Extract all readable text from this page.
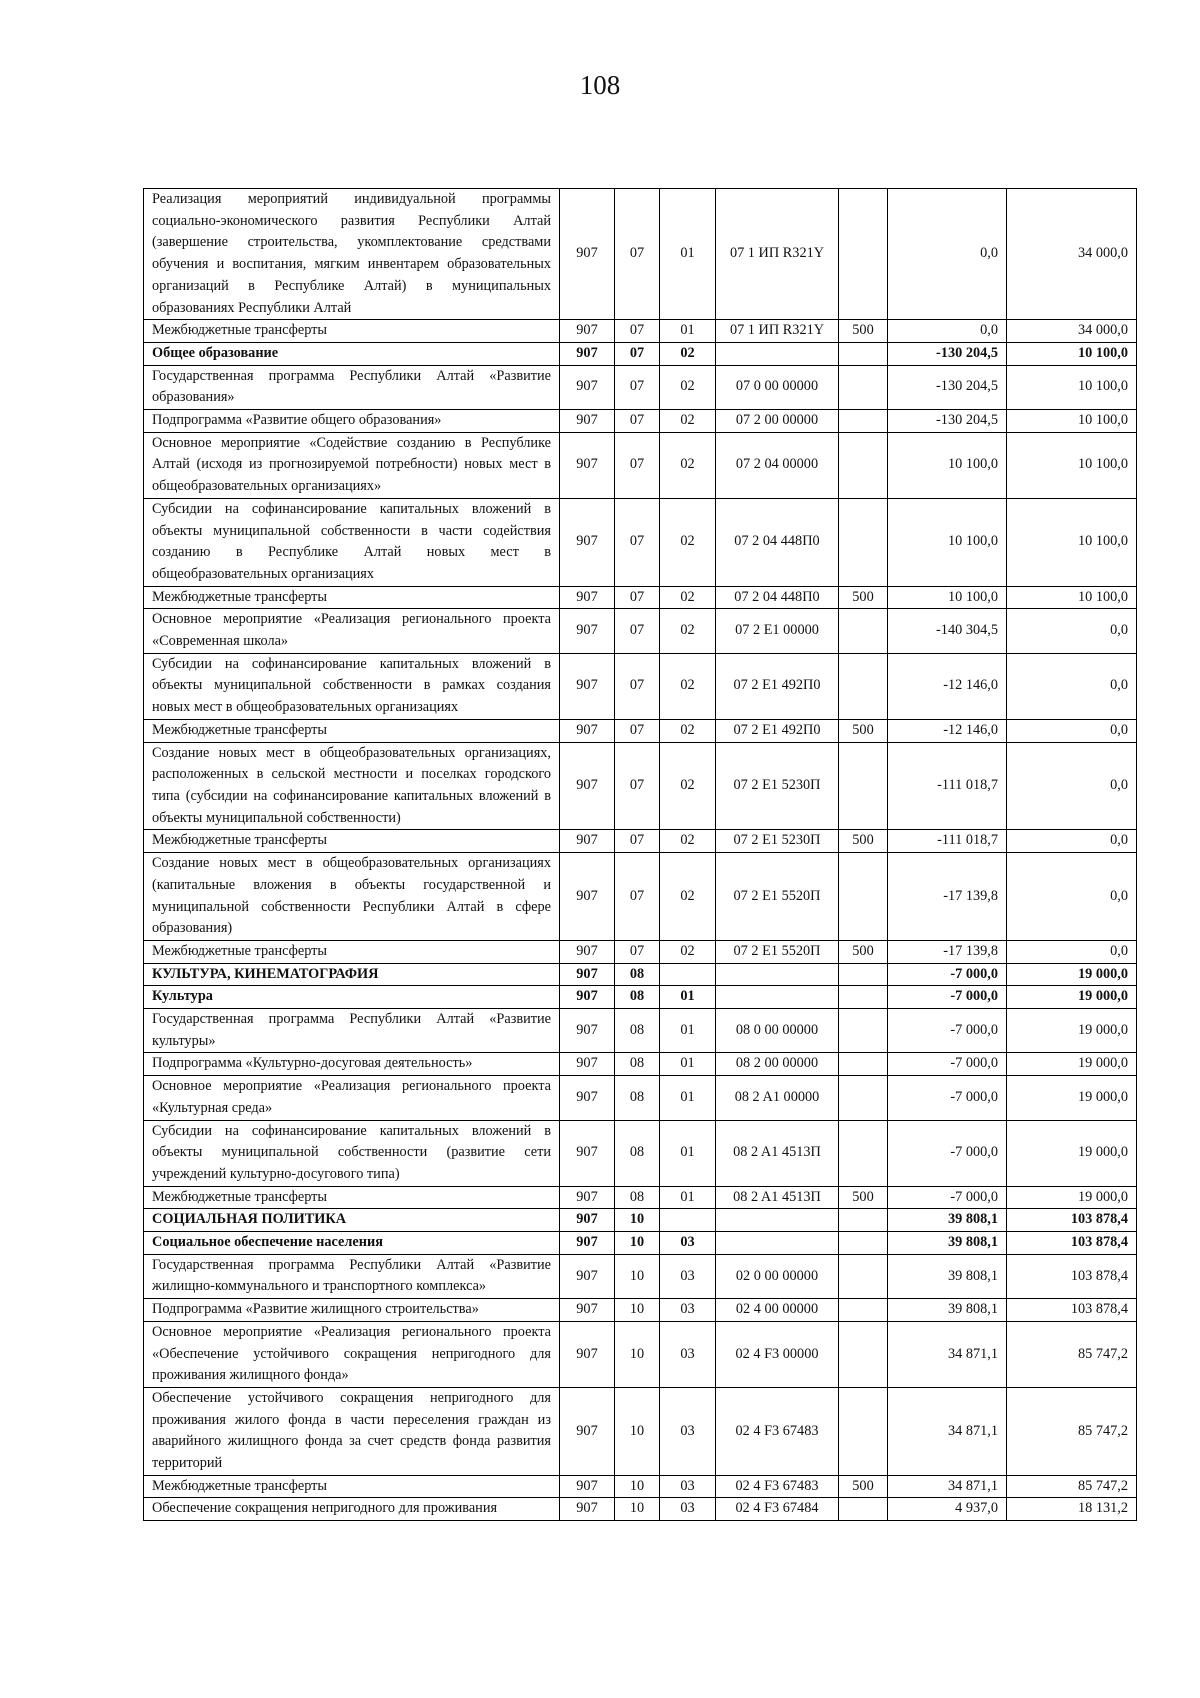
108
Реализация мероприятий индивидуальной программы социально-экономического развития Республики Алтай (завершение строительства, укомплектование средствами обучения и воспитания, мягким инвентарем образовательных организаций в Республике Алтай) в муниципальных образованиях Республики Алтай	907	07	01	07 1 ИП R321Y		0,0	34 000,0
Межбюджетные трансферты	907	07	01	07 1 ИП R321Y	500	0,0	34 000,0
Общее образование	907	07	02			-130 204,5	10 100,0
Государственная программа Республики Алтай «Развитие образования»	907	07	02	07 0 00 00000		-130 204,5	10 100,0
Подпрограмма «Развитие общего образования»	907	07	02	07 2 00 00000		-130 204,5	10 100,0
Основное мероприятие «Содействие созданию в Республике Алтай (исходя из прогнозируемой потребности) новых мест в общеобразовательных организациях»	907	07	02	07 2 04 00000		10 100,0	10 100,0
Субсидии на софинансирование капитальных вложений в объекты муниципальной собственности в части содействия созданию в Республике Алтай новых мест в общеобразовательных организациях	907	07	02	07 2 04 448П0		10 100,0	10 100,0
Межбюджетные трансферты	907	07	02	07 2 04 448П0	500	10 100,0	10 100,0
Основное мероприятие «Реализация регионального проекта «Современная школа»	907	07	02	07 2 E1 00000		-140 304,5	0,0
Субсидии на софинансирование капитальных вложений в объекты муниципальной собственности в рамках создания новых мест в общеобразовательных организациях	907	07	02	07 2 E1 492П0		-12 146,0	0,0
Межбюджетные трансферты	907	07	02	07 2 E1 492П0	500	-12 146,0	0,0
Создание новых мест в общеобразовательных организациях, расположенных в сельской местности и поселках городского типа (субсидии на софинансирование капитальных вложений в объекты муниципальной собственности)	907	07	02	07 2 E1 5230П		-111 018,7	0,0
Межбюджетные трансферты	907	07	02	07 2 E1 5230П	500	-111 018,7	0,0
Создание новых мест в общеобразовательных организациях (капитальные вложения в объекты государственной и муниципальной собственности Республики Алтай в сфере образования)	907	07	02	07 2 E1 5520П		-17 139,8	0,0
Межбюджетные трансферты	907	07	02	07 2 E1 5520П	500	-17 139,8	0,0
КУЛЬТУРА, КИНЕМАТОГРАФИЯ	907	08				-7 000,0	19 000,0
Культура	907	08	01			-7 000,0	19 000,0
Государственная программа Республики Алтай «Развитие культуры»	907	08	01	08 0 00 00000		-7 000,0	19 000,0
Подпрограмма «Культурно-досуговая деятельность»	907	08	01	08 2 00 00000		-7 000,0	19 000,0
Основное мероприятие «Реализация регионального проекта «Культурная среда»	907	08	01	08 2 A1 00000		-7 000,0	19 000,0
Субсидии на софинансирование капитальных вложений в объекты муниципальной собственности (развитие сети учреждений культурно-досугового типа)	907	08	01	08 2 A1 4513П		-7 000,0	19 000,0
Межбюджетные трансферты	907	08	01	08 2 A1 4513П	500	-7 000,0	19 000,0
СОЦИАЛЬНАЯ ПОЛИТИКА	907	10				39 808,1	103 878,4
Социальное обеспечение населения	907	10	03			39 808,1	103 878,4
Государственная программа Республики Алтай «Развитие жилищно-коммунального и транспортного комплекса»	907	10	03	02 0 00 00000		39 808,1	103 878,4
Подпрограмма «Развитие жилищного строительства»	907	10	03	02 4 00 00000		39 808,1	103 878,4
Основное мероприятие «Реализация регионального проекта «Обеспечение устойчивого сокращения непригодного для проживания жилищного фонда»	907	10	03	02 4 F3 00000		34 871,1	85 747,2
Обеспечение устойчивого сокращения непригодного для проживания жилого фонда в части переселения граждан из аварийного жилищного фонда за счет средств фонда развития территорий	907	10	03	02 4 F3 67483		34 871,1	85 747,2
Межбюджетные трансферты	907	10	03	02 4 F3 67483	500	34 871,1	85 747,2
Обеспечение сокращения непригодного для проживания	907	10	03	02 4 F3 67484		4 937,0	18 131,2
